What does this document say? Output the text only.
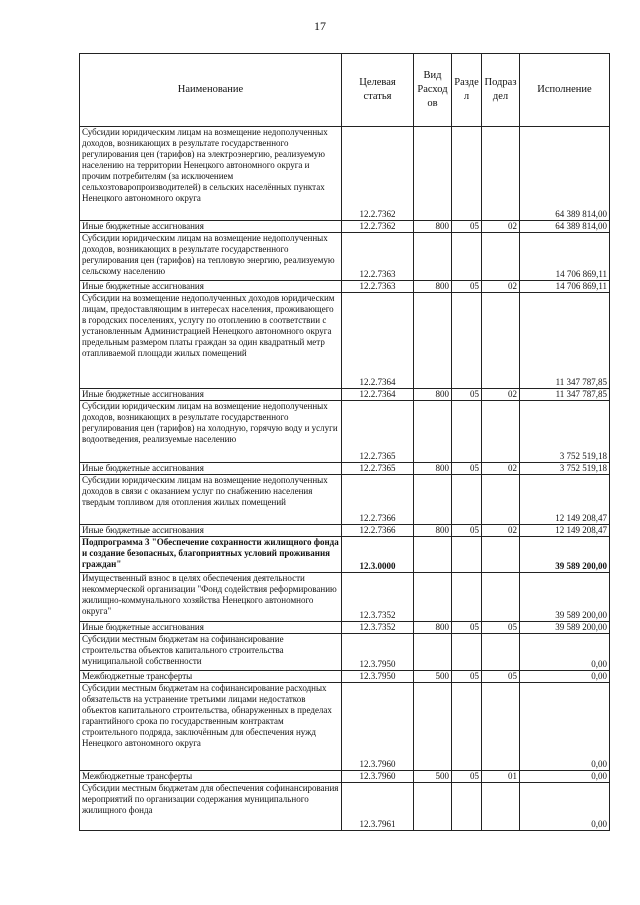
17
Наименование	Целевая статья	Вид Расход ов	Разде л	Подраз дел	Исполнение
Субсидии юридическим лицам на возмещение недополученных доходов, возникающих в результате государственного регулирования цен (тарифов) на электроэнергию, реализуемую населению на территории Ненецкого автономного округа и прочим потребителям (за исключением сельхозтоваропроизводителей) в сельских населённых пунктах Ненецкого автономного округа	12.2.7362				64 389 814,00
Иные бюджетные ассигнования	12.2.7362	800	05	02	64 389 814,00
Субсидии юридическим лицам на возмещение недополученных доходов, возникающих в результате государственного регулирования цен (тарифов) на тепловую энергию, реализуемую сельскому населению	12.2.7363				14 706 869,11
Иные бюджетные ассигнования	12.2.7363	800	05	02	14 706 869,11
Субсидии на возмещение недополученных доходов юридическим лицам, предоставляющим в интересах населения, проживающего в городских поселениях, услугу по отоплению в соответствии с установленным Администрацией Ненецкого автономного округа предельным размером платы граждан за один квадратный метр отапливаемой площади жилых помещений	12.2.7364				11 347 787,85
Иные бюджетные ассигнования	12.2.7364	800	05	02	11 347 787,85
Субсидии юридическим лицам на возмещение недополученных доходов, возникающих в результате государственного регулирования цен (тарифов) на холодную, горячую воду и услуги водоотведения, реализуемые населению	12.2.7365				3 752 519,18
Иные бюджетные ассигнования	12.2.7365	800	05	02	3 752 519,18
Субсидии юридическим лицам на возмещение недополученных доходов в связи с оказанием услуг по снабжению населения твердым топливом для отопления жилых помещений	12.2.7366				12 149 208,47
Иные бюджетные ассигнования	12.2.7366	800	05	02	12 149 208,47
Подпрограмма 3 "Обеспечение сохранности жилищного фонда и создание безопасных, благоприятных условий проживания граждан"	12.3.0000				39 589 200,00
Имущественный взнос в целях обеспечения деятельности некоммерческой организации "Фонд содействия реформированию жилищно-коммунального хозяйства Ненецкого автономного округа"	12.3.7352				39 589 200,00
Иные бюджетные ассигнования	12.3.7352	800	05	05	39 589 200,00
Субсидии местным бюджетам на софинансирование строительства объектов капитального строительства муниципальной собственности	12.3.7950				0,00
Межбюджетные трансферты	12.3.7950	500	05	05	0,00
Субсидии местным бюджетам на софинансирование расходных обязательств на устранение третьими лицами недостатков объектов капитального строительства, обнаруженных в пределах гарантийного срока по государственным контрактам строительного подряда, заключённым для обеспечения нужд Ненецкого автономного округа	12.3.7960				0,00
Межбюджетные трансферты	12.3.7960	500	05	01	0,00
Субсидии местным бюджетам для обеспечения софинансирования мероприятий по организации содержания муниципального жилищного фонда	12.3.7961				0,00
